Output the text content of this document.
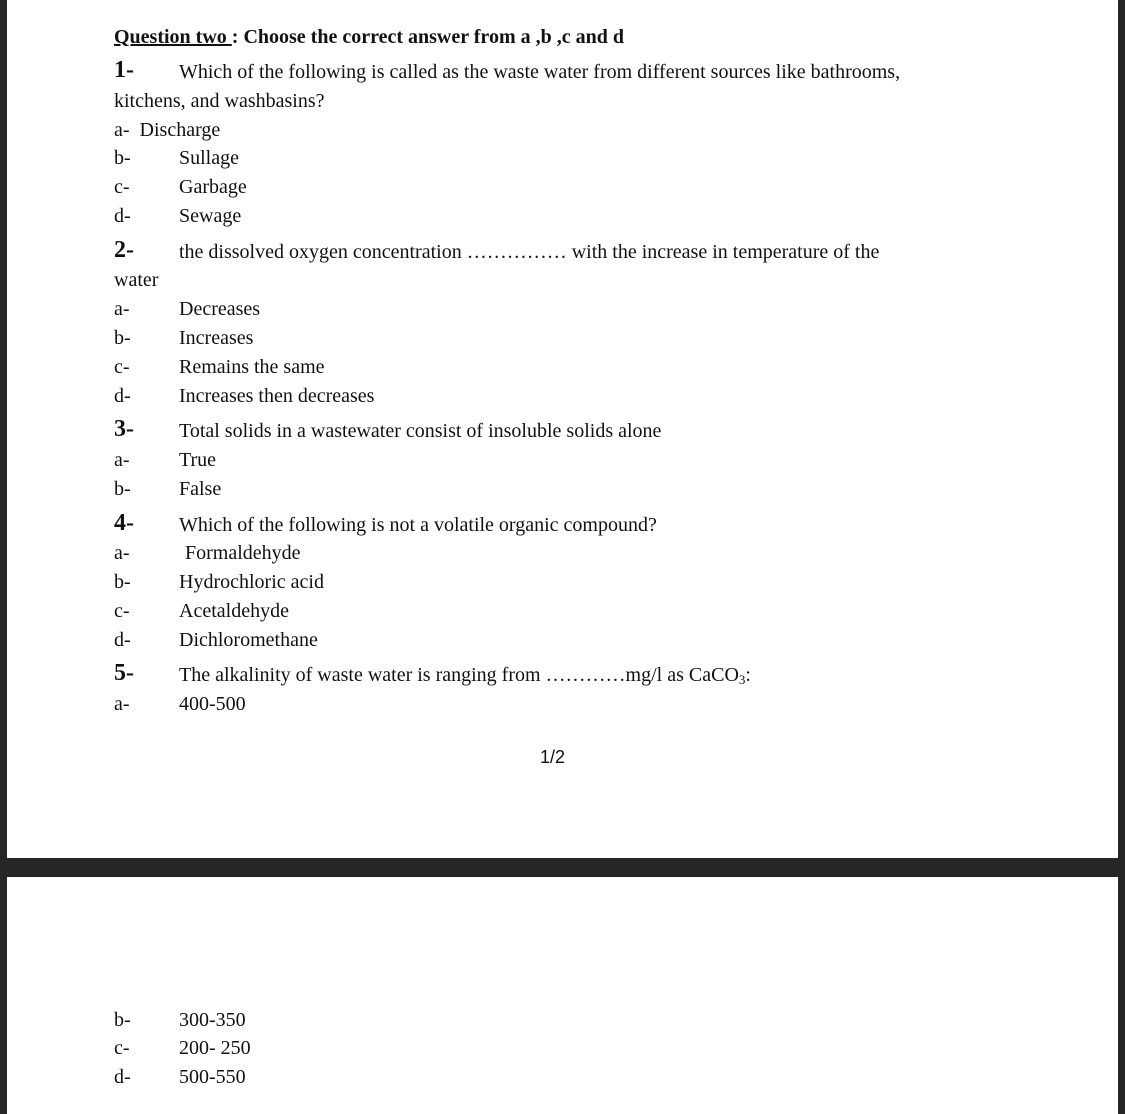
Question two : Choose the correct answer from a ,b ,c and d
1- Which of the following is called as the waste water from different sources like bathrooms,
kitchens, and washbasins?
a- Discharge
b- Sullage
c- Garbage
d- Sewage
2- the dissolved oxygen concentration …………… with the increase in temperature of the
water
a- Decreases
b- Increases
c- Remains the same
d- Increases then decreases
3- Total solids in a wastewater consist of insoluble solids alone
a- True
b- False
4- Which of the following is not a volatile organic compound?
a-	Formaldehyde
b- Hydrochloric acid
c- Acetaldehyde
d- Dichloromethane
5- The alkalinity of waste water is ranging from …………mg/l as CaCO$_3$:
a- 400-500
1/2
b- 300-350
c- 200- 250
d- 500-550
